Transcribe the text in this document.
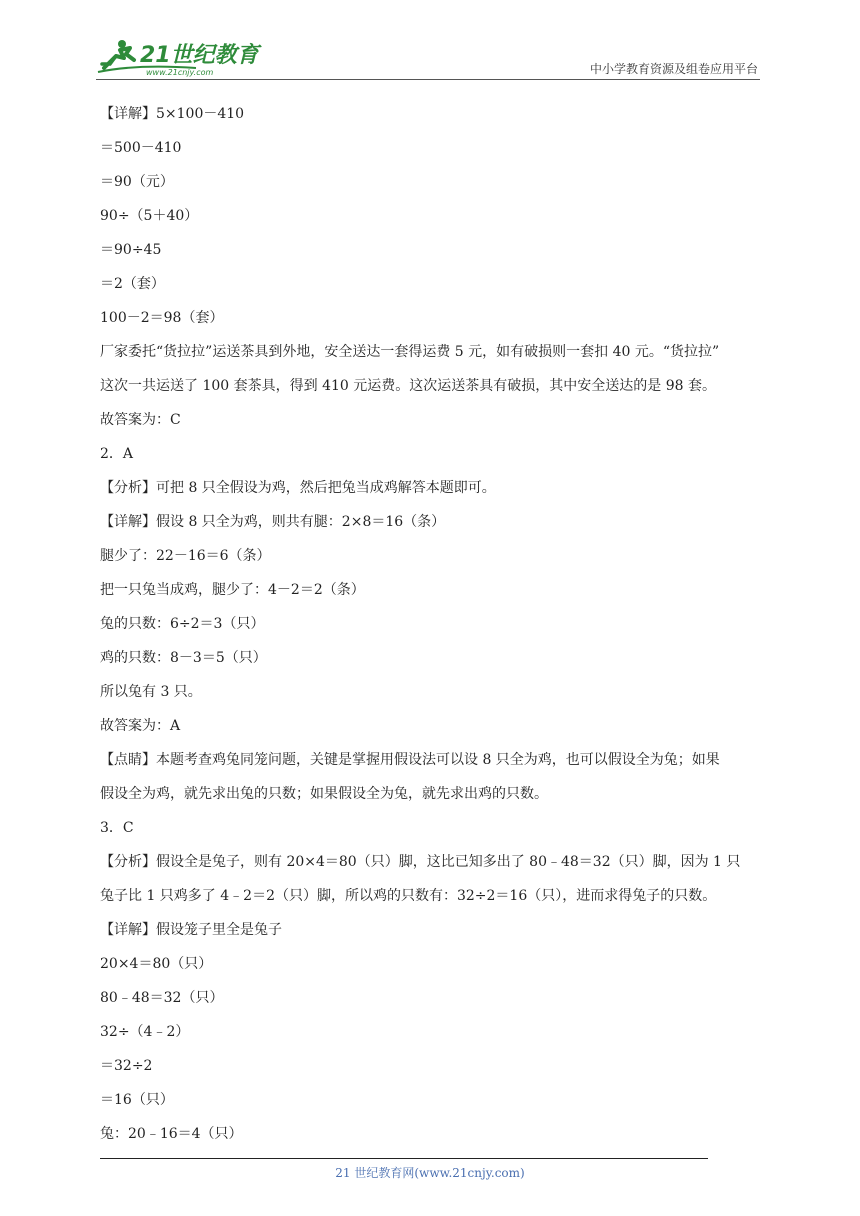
21世纪教育
www.21cnjy.com	中小学教育资源及组卷应用平台
【详解】5×100－410
＝500－410
＝90（元）
90÷（5＋40）
＝90÷45
＝2（套）
100－2＝98（套）
厂家委托“货拉拉”运送茶具到外地，安全送达一套得运费 5 元，如有破损则一套扣 40 元。“货拉拉”
这次一共运送了 100 套茶具，得到 410 元运费。这次运送茶具有破损，其中安全送达的是 98 套。
故答案为：C
2．A
【分析】可把 8 只全假设为鸡，然后把兔当成鸡解答本题即可。
【详解】假设 8 只全为鸡，则共有腿：2×8＝16（条）
腿少了：22－16＝6（条）
把一只兔当成鸡，腿少了：4－2＝2（条）
兔的只数：6÷2＝3（只）
鸡的只数：8－3＝5（只）
所以兔有 3 只。
故答案为：A
【点睛】本题考查鸡兔同笼问题，关键是掌握用假设法可以设 8 只全为鸡，也可以假设全为兔；如果
假设全为鸡，就先求出兔的只数；如果假设全为兔，就先求出鸡的只数。
3．C
【分析】假设全是兔子，则有 20×4＝80（只）脚，这比已知多出了 80﹣48＝32（只）脚，因为 1 只
兔子比 1 只鸡多了 4﹣2＝2（只）脚，所以鸡的只数有：32÷2＝16（只），进而求得兔子的只数。
【详解】假设笼子里全是兔子
20×4＝80（只）
80﹣48＝32（只）
32÷（4﹣2）
＝32÷2
＝16（只）
兔：20﹣16＝4（只）
21 世纪教育网(www.21cnjy.com)
